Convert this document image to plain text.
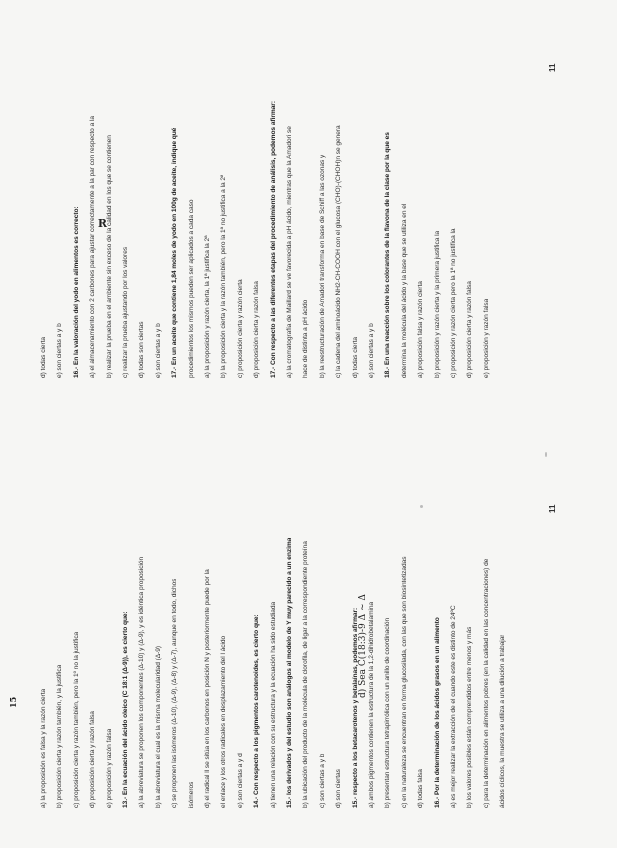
a) la proposición es falsa y la razón cierta b) proposición cierta y razón también, y la justifica c) proposición cierta y razón también, pero la 1º no la justifica d) proposición cierta y razón falsa e) proposición y razón falsa 13.- En la ecuación del ácido oleico (C 18:1 (Δ-9)), es cierto que: a) la abreviatura se proponen los componentes (Δ-10) y (Δ-9), y es idéntica proposición b) la abreviatura el cual es la misma molecularidad (Δ-9) c) se proponen las isómeros (Δ-10), (Δ-9), (Δ-8) y (Δ-7), aunque en todo, dichos isómeros d) el radical ll se sitúa en los carbonos en posición N y posteriormente puede por la el enlace y los otros radicales en desplazamiento del l ácido e) son ciertas a y d 14.- Con respecto a los pigmentos carotenoides, es cierto que: a) tienen una relación con su estructura y la ecuación ha sido estudiada 15.- los derivados y del estudio son análogos al modelo de Y muy parecido a un enzima b) la ubicación del producto de la molécula de clorofila, de ligar a la correspondiente proteína c) son ciertas a y b d) son ciertas 15.- respecto a los betacarotenos y betalaínas, podemos afirmar: a) ambos pigmentos contienen la estructura de la 1,2-dihidrobetalamina b) presentan estructura tetrapirrólica con un anillo de coordinación c) en la naturaleza se encuentran en forma glucosilada, con las que son biosintetizadas d) todas falsa 16.- Por la determinación de los ácidos grasos en un alimento a) es mejor realizar la extracción de el cuando este es distinto de 24ºC b) los valores posibles están comprendidos entre menos y más c) para la determinación en alimentos pobres (en la calidad en las concentraciones) de ácidos cíclicos, la muestra se utiliza a una dilución a trabajar
d) todas cierta e) son ciertas a y b 16.- En la valoración del yodo en alimentos es correcto: a) el almacenamiento con 2 carbones para ajustar correctamente a la par con respecto a la b) realizar la prueba en el ambiente sin exceso de la calidad en los que se contienen c) realizar la prueba ajustando por los valores d) todas son ciertas e) son ciertas a y b 17.- En un aceite que contiene 1,84 moles de yodo en 100g de aceite, indique qué procedimientos los mismos pueden ser aplicados a cada caso a) la proposición y razón cierta, la 1ª justifica la 2ª b) la proposición cierta y la razón también, pero la 1ª no justifica a la 2ª c) proposición cierta y razón cierta d) proposición cierta y razón falsa 17.- Con respecto a las diferentes etapas del procedimiento de análisis, podemos afirmar: a) la cromatografía de Maillard se ve favorecida a pH ácido, mientras que la Amadori se hace de distinta a pH ácido b) la reestructuración de Amadori transforma en base de Schiff a las ozonas y c) la cadena del aminoácido NH2-CH-COOH con el glucosa (CHO)-(CHOH)n se genera d) todas cierta e) son ciertas a y b 18.- En una reacción sobre los colorantes de la flavona de la clase por la que es determina la molécula del ácido y la base que se utiliza en el a) proposición falsa y razón cierta b) proposición y razón cierta y la primera justifica la c) proposición y razón cierta pero la 1ª no justifica la d) proposición cierta y razón falsa e) proposición y razón falsa
d) Sea C(18:3)-9 Δ ~ Δ
15
R
11
11
